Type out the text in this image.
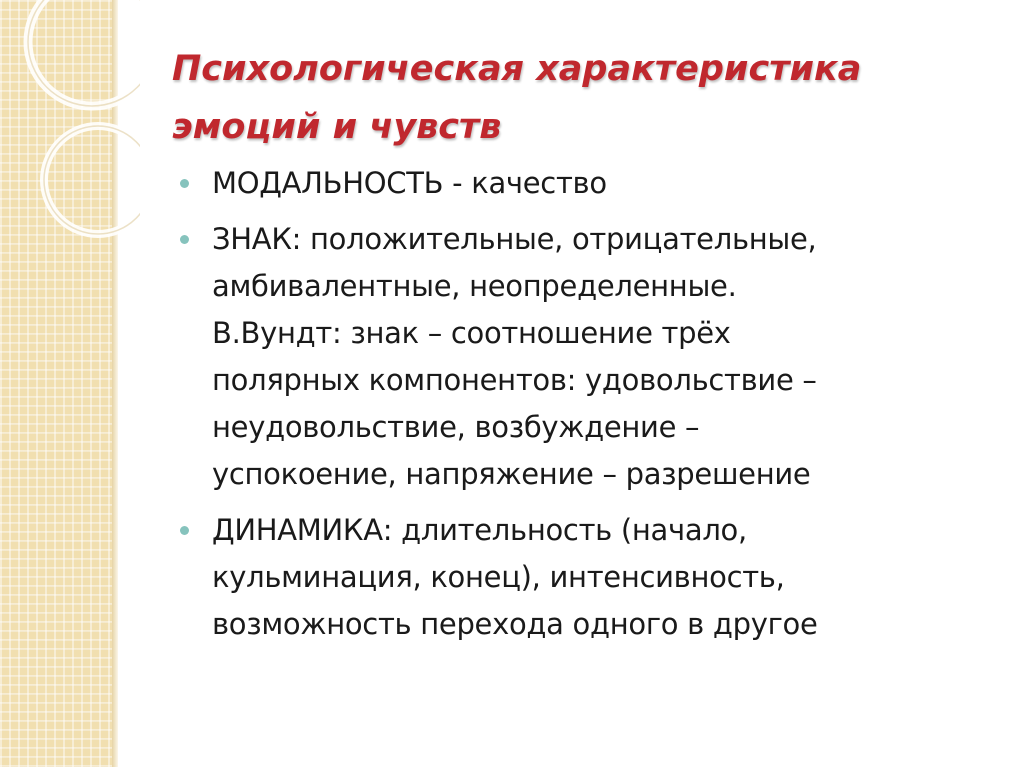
Психологическая характеристика
эмоций и чувств
МОДАЛЬНОСТЬ - качество
ЗНАК: положительные, отрицательные,
амбивалентные, неопределенные.
В.Вундт: знак – соотношение трёх
полярных компонентов: удовольствие –
неудовольствие, возбуждение –
успокоение, напряжение – разрешение
ДИНАМИКА: длительность (начало,
кульминация, конец), интенсивность,
возможность перехода одного в другое
